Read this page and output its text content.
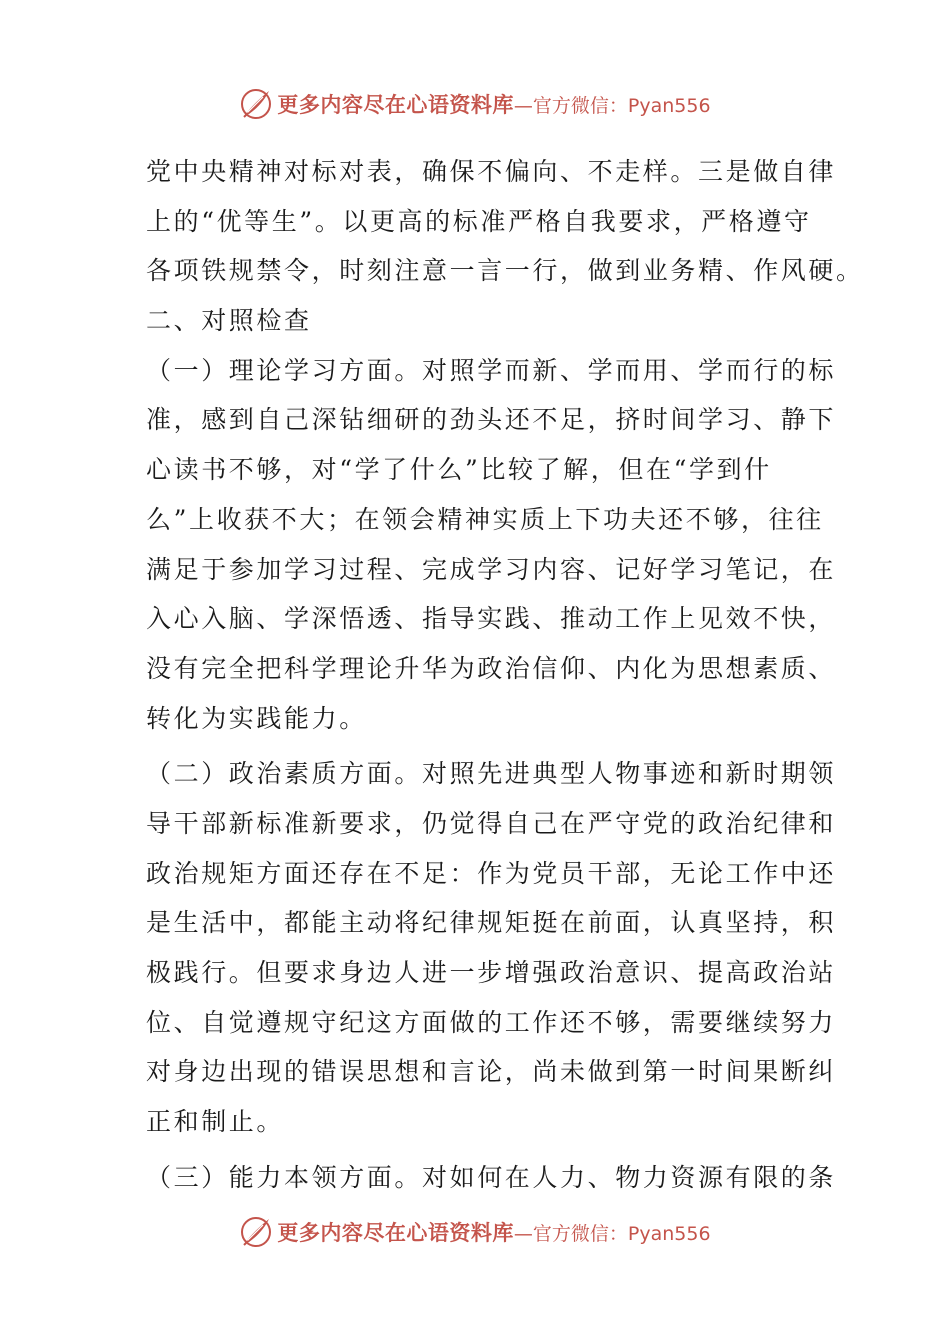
更多内容尽在心语资料库 —官方微信：Pyan556
党中央精神对标对表，确保不偏向、不走样。三是做自律
上的“优等生”。以更高的标准严格自我要求，严格遵守
各项铁规禁令，时刻注意一言一行，做到业务精、作风硬。
二、对照检查
（一）理论学习方面。对照学而新、学而用、学而行的标
准，感到自己深钻细研的劲头还不足，挤时间学习、静下
心读书不够，对“学了什么”比较了解，但在“学到什
么”上收获不大；在领会精神实质上下功夫还不够，往往
满足于参加学习过程、完成学习内容、记好学习笔记，在
入心入脑、学深悟透、指导实践、推动工作上见效不快，
没有完全把科学理论升华为政治信仰、内化为思想素质、
转化为实践能力。
（二）政治素质方面。对照先进典型人物事迹和新时期领
导干部新标准新要求，仍觉得自己在严守党的政治纪律和
政治规矩方面还存在不足：作为党员干部，无论工作中还
是生活中，都能主动将纪律规矩挺在前面，认真坚持，积
极践行。但要求身边人进一步增强政治意识、提高政治站
位、自觉遵规守纪这方面做的工作还不够，需要继续努力
对身边出现的错误思想和言论，尚未做到第一时间果断纠
正和制止。
（三）能力本领方面。对如何在人力、物力资源有限的条
更多内容尽在心语资料库 —官方微信：Pyan556
